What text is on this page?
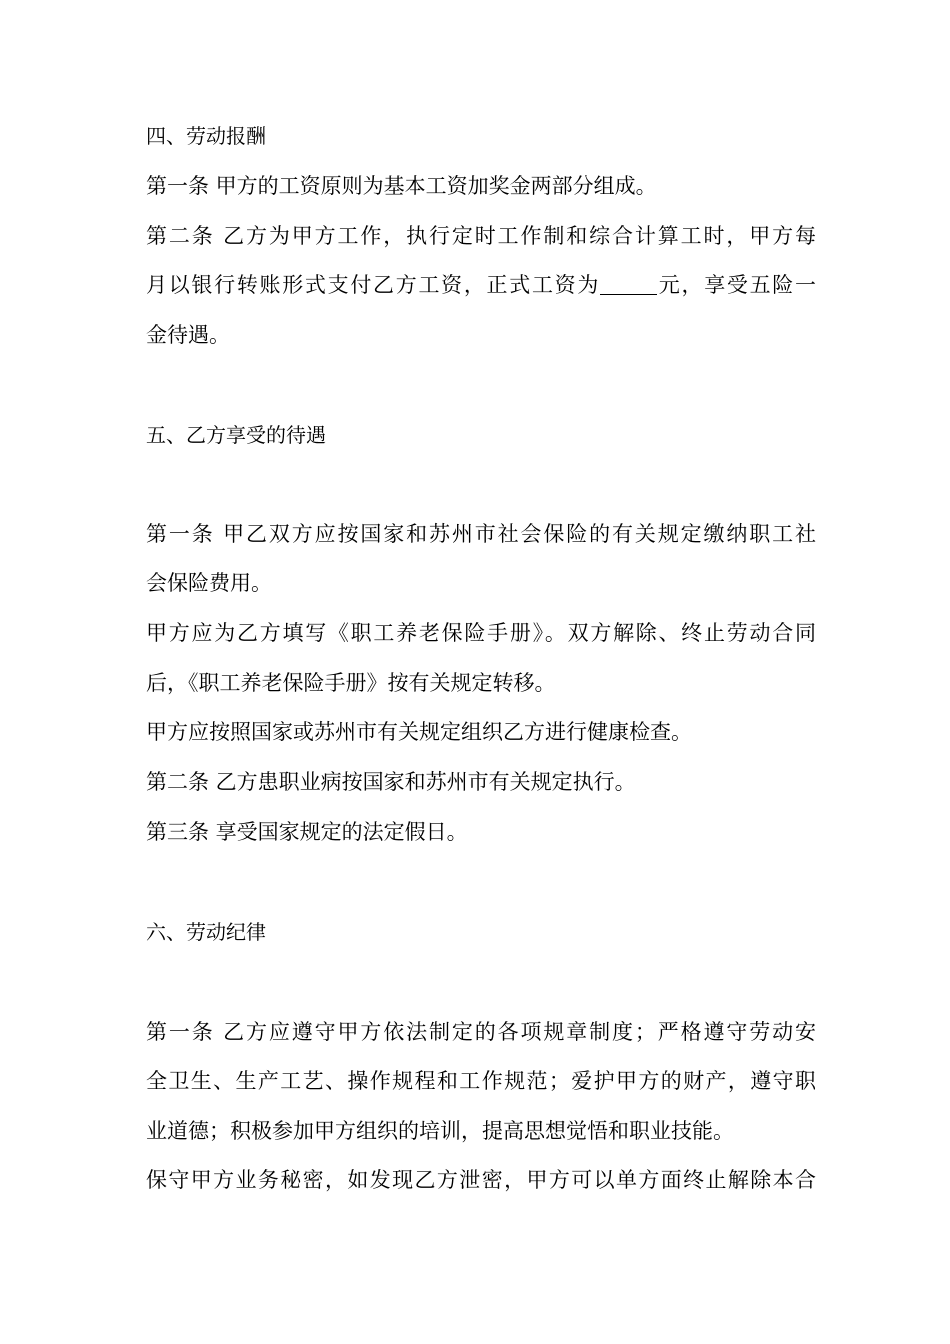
四、劳动报酬
第一条 甲方的工资原则为基本工资加奖金两部分组成。
第二条 乙方为甲方工作，执行定时工作制和综合计算工时，甲方每
月以银行转账形式支付乙方工资，正式工资为	元，享受五险一
金待遇。
五、乙方享受的待遇
第一条 甲乙双方应按国家和苏州市社会保险的有关规定缴纳职工社
会保险费用。
甲方应为乙方填写《职工养老保险手册》。双方解除、终止劳动合同
后，《职工养老保险手册》按有关规定转移。
甲方应按照国家或苏州市有关规定组织乙方进行健康检查。
第二条 乙方患职业病按国家和苏州市有关规定执行。
第三条 享受国家规定的法定假日。
六、劳动纪律
第一条 乙方应遵守甲方依法制定的各项规章制度；严格遵守劳动安
全卫生、生产工艺、操作规程和工作规范；爱护甲方的财产，遵守职
业道德；积极参加甲方组织的培训，提高思想觉悟和职业技能。
保守甲方业务秘密，如发现乙方泄密，甲方可以单方面终止解除本合
